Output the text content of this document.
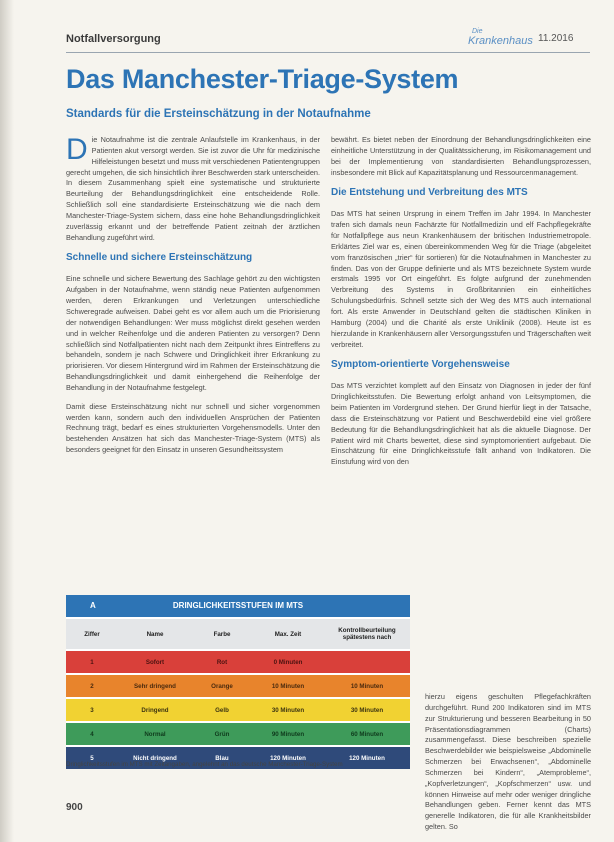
Notfallversorgung
Die
Krankenhaus 11.2016
Das Manchester-Triage-System
Standards für die Ersteinschätzung in der Notaufnahme

Die Notaufnahme ist die zentrale Anlaufstelle im Krankenhaus, in der Patienten akut versorgt werden. Sie ist zuvor die Uhr für medizinische Hilfeleistungen besetzt und muss mit verschiedenen Patientengruppen gerecht umgehen, die sich hinsichtlich ihrer Beschwerden stark unterscheiden. In diesem Zusammenhang spielt eine systematische und strukturierte Beurteilung der Behandlungsdringlichkeit eine entscheidende Rolle. Schließlich soll eine standardisierte Ersteinschätzung wie die nach dem Manchester-Triage-System sichern, dass eine hohe Behandlungsdringlichkeit zuverlässig erkannt und der betreffende Patient zeitnah der ärztlichen Behandlung zugeführt wird.

Schnelle und sichere Ersteinschätzung

Eine schnelle und sichere Bewertung des Sachlage gehört zu den wichtigsten Aufgaben in der Notaufnahme, wenn ständig neue Patienten aufgenommen werden, deren Erkrankungen und Verletzungen unterschiedliche Schweregrade aufweisen. Dabei geht es vor allem auch um die Priorisierung der notwendigen Behandlungen: Wer muss möglichst direkt gesehen werden und in welcher Reihenfolge und die anderen Patienten zu versorgen? Denn schließlich sind Notfallpatienten nicht nach dem Zeitpunkt ihres Eintreffens zu behandeln, sondern je nach Schwere und Dringlichkeit ihrer Erkrankung zu priorisieren. Vor diesem Hintergrund wird im Rahmen der Ersteinschätzung die Behandlungsdringlichkeit und damit einhergehend die Reihenfolge der Behandlung in der Notaufnahme festgelegt.

Damit diese Ersteinschätzung nicht nur schnell und sicher vorgenommen werden kann, sondern auch den individuellen Ansprüchen der Patienten Rechnung trägt, bedarf es eines strukturierten Vorgehensmodells. Unter den bestehenden Ansätzen hat sich das Manchester-Triage-System (MTS) als besonders geeignet für den Einsatz in unseren Gesundheitssystem

bewährt. Es bietet neben der Einordnung der Behandlungsdringlichkeiten eine einheitliche Unterstützung in der Qualitätssicherung, im Risikomanagement und bei der Implementierung von standardisierten Behandlungsprozessen, insbesondere mit Blick auf Kapazitätsplanung und Ressourcenmanagement.

Die Entstehung und Verbreitung des MTS

Das MTS hat seinen Ursprung in einem Treffen im Jahr 1994. In Manchester trafen sich damals neun Fachärzte für Notfallmedizin und elf Fachpflegekräfte für Notfallpflege aus neun Krankenhäusern der britischen Industriemetropole. Erklärtes Ziel war es, einen übereinkommenden Weg für die Triage (abgeleitet vom französischen „trier“ für sortieren) für die Notaufnahmen in Manchester zu finden. Das von der Gruppe definierte und als MTS bezeichnete System wurde erstmals 1995 vor Ort eingeführt. Es folgte aufgrund der zunehmenden Verbreitung des Systems in Großbritannien ein einheitliches Schulungsbedürfnis. Schnell setzte sich der Weg des MTS auch international fort. Als erste Anwender in Deutschland gelten die städtischen Kliniken in Hamburg (2004) und die Charité als erste Uniklinik (2008). Heute ist es hierzulande in Krankenhäusern aller Versorgungsstufen und Trägerschaften weit verbreitet.

Symptom-orientierte Vorgehensweise

Das MTS verzichtet komplett auf den Einsatz von Diagnosen in jeder der fünf Dringlichkeitsstufen. Die Bewertung erfolgt anhand von Leitsymptomen, die beim Patienten im Vordergrund stehen. Der Grund hierfür liegt in der Tatsache, dass die Ersteinschätzung vor Patient und Beschwerdebild eine viel größere Bedeutung für die Behandlungsdringlichkeit hat als die aktuelle Diagnose. Der Patient wird mit Charts bewertet, diese sind symptomorientiert aufgebaut. Die Einschätzung für eine Dringlichkeitsstufe fällt anhand von Indikatoren. Die Einstufung wird von den

A	DRINGLICHKEITSSTUFEN IM MTS
Ziffer	Name	Farbe	Max. Zeit	Kontrollbeurteilung spätestens nach
1	Sofort	Rot	0 Minuten
2	Sehr dringend	Orange	10 Minuten	10 Minuten
3	Dringend	Gelb	30 Minuten	30 Minuten
4	Normal	Grün	90 Minuten	60 Minuten
5	Nicht dringend	Blau	120 Minuten	120 Minuten
Dringlichkeitsstufen im MTS mit Zeitangaben, angelehnt an das deutsche Manchester-Triage-System
hierzu eigens geschulten Pflegefachkräften durchgeführt. Rund 200 Indikatoren sind im MTS zur Strukturierung und besseren Bearbeitung in 50 Präsentationsdiagrammen (Charts) zusammengefasst. Diese beschreiben spezielle Beschwerdebilder wie beispielsweise „Abdominelle Schmerzen bei Erwachsenen“, „Abdominelle Schmerzen bei Kindern“, „Atemprobleme“, „Kopfverletzungen“, „Kopfschmerzen“ usw. und können Hinweise auf mehr oder weniger dringliche Behandlungen geben. Ferner kennt das MTS generelle Indikatoren, die für alle Krankheitsbilder gelten. So
900
